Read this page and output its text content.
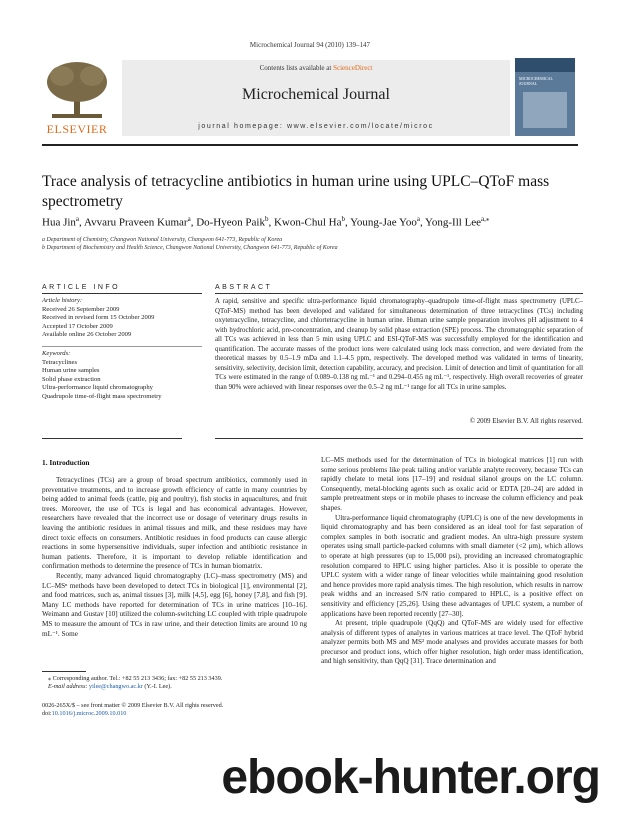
Microchemical Journal 94 (2010) 139–147
ELSEVIER
Contents lists available at ScienceDirect
Microchemical Journal
journal homepage: www.elsevier.com/locate/microc
MICROCHEMICAL JOURNAL
Trace analysis of tetracycline antibiotics in human urine using UPLC–QToF mass spectrometry
Hua Jin$^a$, Avvaru Praveen Kumar$^a$, Do-Hyeon Paik$^b$, Kwon-Chul Ha$^b$, Young-Jae Yoo$^a$, Yong-Ill Lee$^{a,⁎}$
a Department of Chemistry, Changwon National University, Changwon 641-773, Republic of Korea
b Department of Biochemistry and Health Science, Changwon National University, Changwon 641-773, Republic of Korea
ARTICLE INFO	ABSTRACT
Article history:
Received 26 September 2009
Received in revised form 15 October 2009
Accepted 17 October 2009
Available online 26 October 2009
Keywords:
Tetracyclines
Human urine samples
Solid phase extraction
Ultra-performance liquid chromatography
Quadrupole time-of-flight mass spectrometry
A rapid, sensitive and specific ultra-performance liquid chromatography–quadrupole time-of-flight mass spectrometry (UPLC–QToF-MS) method has been developed and validated for simultaneous determination of three tetracyclines (TCs) including oxytetracycline, tetracycline, and chlortetracycline in human urine. Human urine sample preparation involves pH adjustment to 4 with hydrochloric acid, pre-concentration, and cleanup by solid phase extraction (SPE) process. The chromatographic separation of all TCs was achieved in less than 5 min using UPLC and ESI-QToF-MS was successfully employed for the identification and quantification. The accurate masses of the product ions were calculated using lock mass correction, and were deviated from the theoretical masses by 0.5–1.9 mDa and 1.1–4.5 ppm, respectively. The developed method was validated in terms of linearity, sensitivity, selectivity, decision limit, detection capability, accuracy, and precision. Limit of detection and limit of quantitation for all TCs were estimated in the range of 0.089–0.138 ng mL⁻¹ and 0.294–0.455 ng mL⁻¹, respectively. High overall recoveries of greater than 90% were achieved with linear responses over the 0.5–2 ng mL⁻¹ range for all TCs in urine samples.
© 2009 Elsevier B.V. All rights reserved.
1. Introduction

Tetracyclines (TCs) are a group of broad spectrum antibiotics, commonly used in preventative treatments, and to increase growth efficiency of cattle in many countries by being added to animal feeds (cattle, pig and poultry), fish stocks in aquacultures, and fruit trees. Moreover, the use of TCs is legal and has economical advantages. However, researchers have revealed that the incorrect use or dosage of veterinary drugs results in leaving the antibiotic residues in animal tissues and milk, and these residues may have direct toxic effects on consumers. Antibiotic residues in food products can cause allergic reactions in some hypersensitive individuals, super infection and antibiotic resistance in human patients. Therefore, it is important to develop reliable identification and confirmation methods to determine the presence of TCs in human biomatrix.

Recently, many advanced liquid chromatography (LC)–mass spectrometry (MS) and LC–MSⁿ methods have been developed to detect TCs in biological [1], environmental [2], and food matrices, such as, animal tissues [3], milk [4,5], egg [6], honey [7,8], and fish [9]. Many LC methods have reported for determination of TCs in urine matrices [10–16]. Weimann and Gustav [10] utilized the column-switching LC coupled with triple quadrupole MS to measure the amount of TCs in raw urine, and their detection limits are around 10 ng mL⁻¹. Some

LC–MS methods used for the determination of TCs in biological matrices [1] run with some serious problems like peak tailing and/or variable analyte recovery, because TCs can rapidly chelate to metal ions [17–19] and residual silanol groups on the LC column. Consequently, metal-blocking agents such as oxalic acid or EDTA [20–24] are added in sample pretreatment steps or in mobile phases to increase the column efficiency and peak shapes.

Ultra-performance liquid chromatography (UPLC) is one of the new developments in liquid chromatography and has been considered as an ideal tool for fast separation of complex samples in both isocratic and gradient modes. An ultra-high pressure system operates using small particle-packed columns with small diameter (<2 μm), which allows to operate at high pressures (up to 15,000 psi), providing an increased chromatographic resolution compared to HPLC using higher particles. Also it is possible to operate the UPLC system with a wider range of linear velocities while maintaining good resolution and hence provides more rapid analysis times. The high resolution, which results in narrow peak widths and an increased S/N ratio compared to HPLC, is a positive effect on sensitivity and efficiency [25,26]. Using these advantages of UPLC system, a number of applications have been reported recently [27–30].

At present, triple quadrupole (QqQ) and QToF-MS are widely used for effective analysis of different types of analytes in various matrices at trace level. The QToF hybrid analyzer permits both MS and MS² mode analyses and provides accurate masses for both precursor and product ions, which offer higher resolution, high order mass identification, and high sensitivity, than QqQ [31]. Trace determination and

⁎ Corresponding author. Tel.: +82 55 213 3436; fax: +82 55 213 3439.
E-mail address: yilee@changwo.ac.kr (Y.-I. Lee).
0026-265X/$ – see front matter © 2009 Elsevier B.V. All rights reserved.
doi:10.1016/j.microc.2009.10.010
ebook-hunter.org
